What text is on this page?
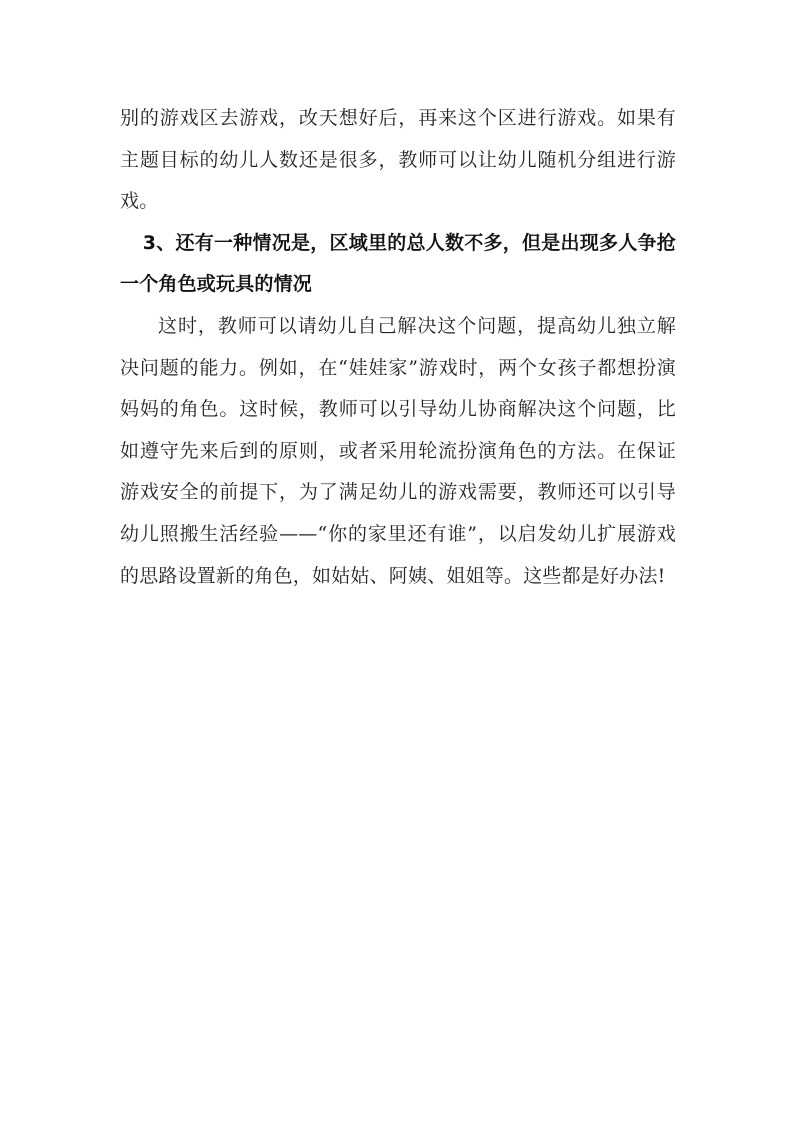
别的游戏区去游戏，改天想好后，再来这个区进行游戏。如果有主题目标的幼儿人数还是很多，教师可以让幼儿随机分组进行游戏。

3、还有一种情况是，区域里的总人数不多，但是出现多人争抢一个角色或玩具的情况

这时，教师可以请幼儿自己解决这个问题，提高幼儿独立解决问题的能力。例如，在“娃娃家”游戏时，两个女孩子都想扮演妈妈的角色。这时候，教师可以引导幼儿协商解决这个问题，比如遵守先来后到的原则，或者采用轮流扮演角色的方法。在保证游戏安全的前提下，为了满足幼儿的游戏需要，教师还可以引导幼儿照搬生活经验——“你的家里还有谁”，以启发幼儿扩展游戏的思路设置新的角色，如姑姑、阿姨、姐姐等。这些都是好办法!
